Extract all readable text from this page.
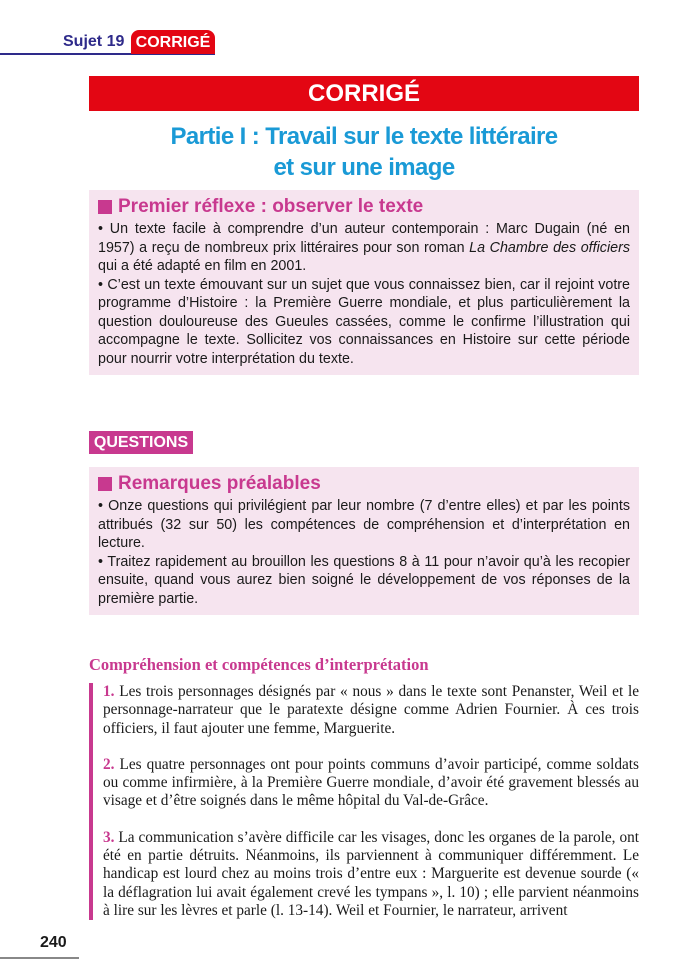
Sujet 19 CORRIGÉ
CORRIGÉ
Partie I : Travail sur le texte littéraire
et sur une image
Premier réflexe : observer le texte

• Un texte facile à comprendre d’un auteur contemporain : Marc Dugain (né en 1957) a reçu de nombreux prix littéraires pour son roman La Chambre des officiers qui a été adapté en film en 2001.

• C’est un texte émouvant sur un sujet que vous connaissez bien, car il rejoint votre programme d’Histoire : la Première Guerre mondiale, et plus particulièrement la question douloureuse des Gueules cassées, comme le confirme l’illustration qui accompagne le texte. Sollicitez vos connaissances en Histoire sur cette période pour nourrir votre interprétation du texte.

QUESTIONS
Remarques préalables

• Onze questions qui privilégient par leur nombre (7 d’entre elles) et par les points attribués (32 sur 50) les compétences de compréhension et d’interprétation en lecture.

• Traitez rapidement au brouillon les questions 8 à 11 pour n’avoir qu’à les recopier ensuite, quand vous aurez bien soigné le développement de vos réponses de la première partie.

Compréhension et compétences d’interprétation

1. Les trois personnages désignés par « nous » dans le texte sont Penanster, Weil et le personnage-narrateur que le paratexte désigne comme Adrien Fournier. À ces trois officiers, il faut ajouter une femme, Marguerite.

2. Les quatre personnages ont pour points communs d’avoir participé, comme soldats ou comme infirmière, à la Première Guerre mondiale, d’avoir été gravement blessés au visage et d’être soignés dans le même hôpital du Val-de-Grâce.

3. La communication s’avère difficile car les visages, donc les organes de la parole, ont été en partie détruits. Néanmoins, ils parviennent à communiquer différemment. Le handicap est lourd chez au moins trois d’entre eux : Marguerite est devenue sourde (« la déflagration lui avait également crevé les tympans », l. 10) ; elle parvient néanmoins à lire sur les lèvres et parle (l. 13-14). Weil et Fournier, le narrateur, arrivent

240
